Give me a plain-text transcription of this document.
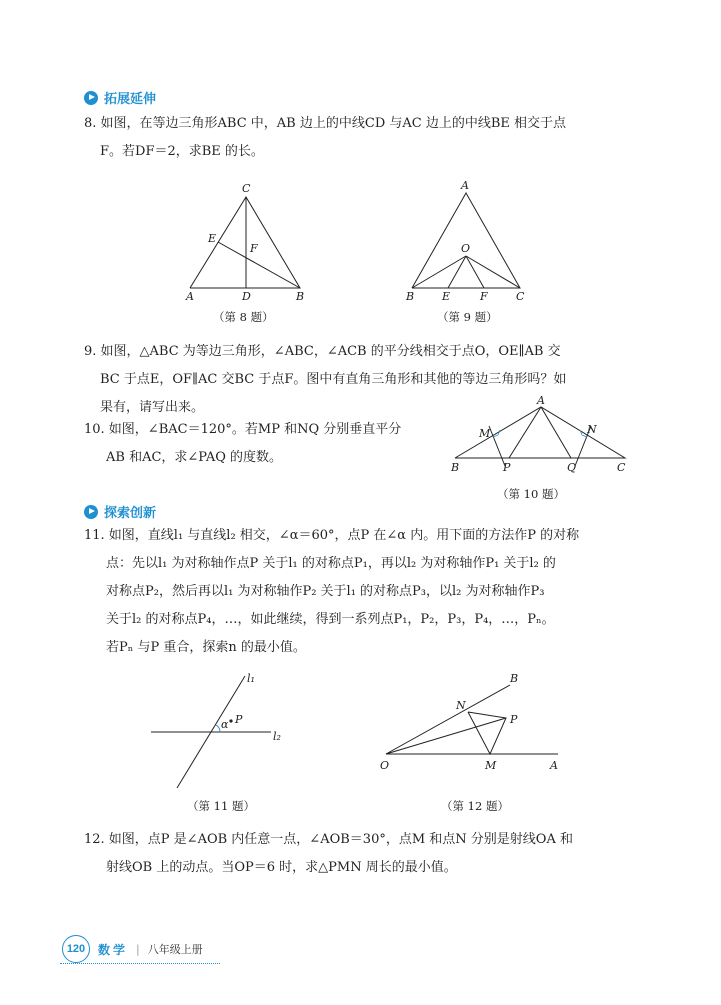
拓展延伸
8. 如图，在等边三角形ABC 中，AB 边上的中线CD 与AC 边上的中线BE 相交于点
F。若DF＝2，求BE 的长。
C
E
F
A	D	B
（第 8 题）
A
O
B	E	F	C
（第 9 题）
9. 如图，△ABC 为等边三角形，∠ABC，∠ACB 的平分线相交于点O，OE∥AB 交
BC 于点E，OF∥AC 交BC 于点F。图中有直角三角形和其他的等边三角形吗？如
果有，请写出来。
10. 如图，∠BAC＝120°。若MP 和NQ 分别垂直平分
AB 和AC，求∠PAQ 的度数。
A
M	N
B	P	Q	C
（第 10 题）
探索创新
11. 如图，直线l₁ 与直线l₂ 相交，∠α＝60°，点P 在∠α 内。用下面的方法作P 的对称
点：先以l₁ 为对称轴作点P 关于l₁ 的对称点P₁，再以l₂ 为对称轴作P₁ 关于l₂ 的
对称点P₂，然后再以l₁ 为对称轴作P₂ 关于l₁ 的对称点P₃，以l₂ 为对称轴作P₃
关于l₂ 的对称点P₄，…，如此继续，得到一系列点P₁，P₂，P₃，P₄，…，Pₙ。
若Pₙ 与P 重合，探索n 的最小值。
l₁
α P
l₂
（第 11 题）
B
N
P
O	M	A
（第 12 题）
12. 如图，点P 是∠AOB 内任意一点，∠AOB＝30°，点M 和点N 分别是射线OA 和
射线OB 上的动点。当OP＝6 时，求△PMN 周长的最小值。
120	数学 | 八年级上册
